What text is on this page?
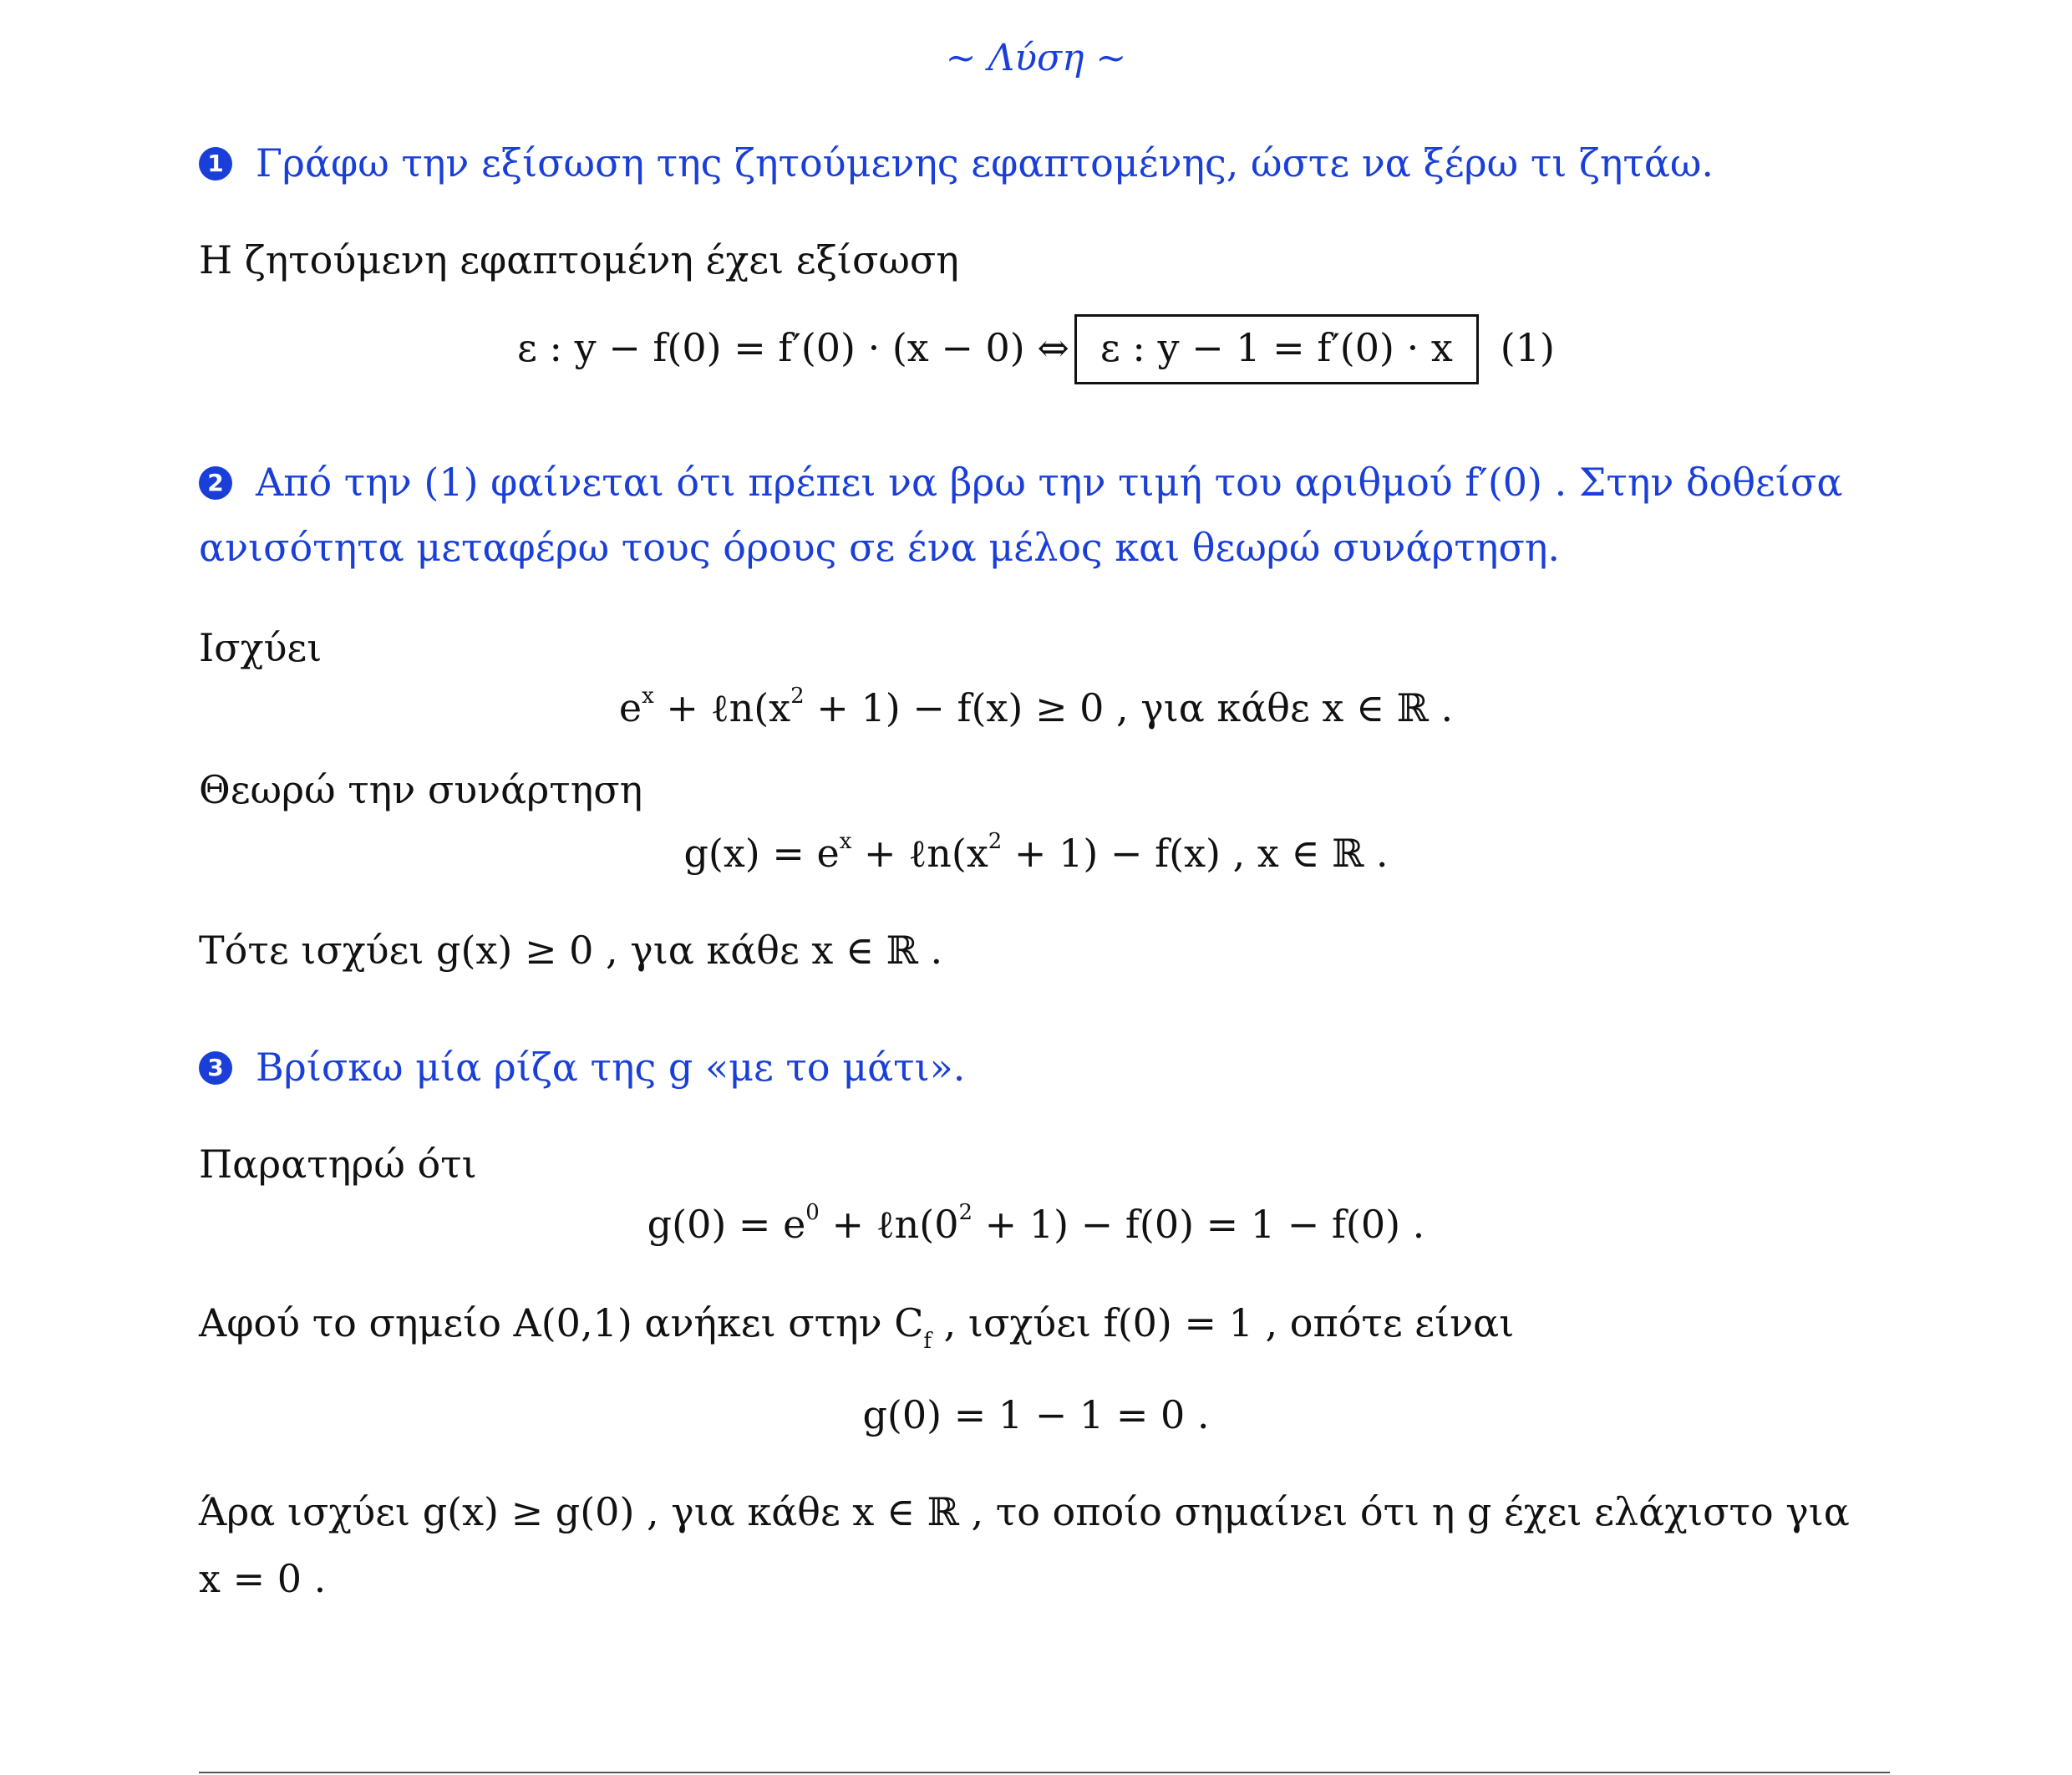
~ Λύση ~
1 Γράφω την εξίσωση της ζητούμενης εφαπτομένης, ώστε να ξέρω τι ζητάω.
Η ζητούμενη εφαπτομένη έχει εξίσωση
ε : y − f(0) = f′(0) · (x − 0) ⇔ ε : y − 1 = f′(0) · x (1)
2 Από την (1) φαίνεται ότι πρέπει να βρω την τιμή του αριθμού f′(0) . Στην δοθείσα
ανισότητα μεταφέρω τους όρους σε ένα μέλος και θεωρώ συνάρτηση.
Ισχύει
$e^x$ + $\ell n(x^2 + 1) - f(x) \ge 0$ , για κάθε x ∈ ℝ .
Θεωρώ την συνάρτηση
$g(x) = e^x$ + $\ell n(x^2 + 1) - f(x)$ , x ∈ ℝ .
Τότε ισχύει g(x) ≥ 0 , για κάθε x ∈ ℝ .
3 Βρίσκω μία ρίζα της g «με το μάτι».
Παρατηρώ ότι
$g(0) = e^0$ + $\ell n(0^2 + 1) - f(0) = 1 - f(0)$ .
Αφού το σημείο A(0,1) ανήκει στην $C_f$ , ισχύει f(0) = 1 , οπότε είναι
g(0) = 1 − 1 = 0 .
Άρα ισχύει g(x) ≥ g(0) , για κάθε x ∈ ℝ , το οποίο σημαίνει ότι η g έχει ελάχιστο για
x = 0 .
